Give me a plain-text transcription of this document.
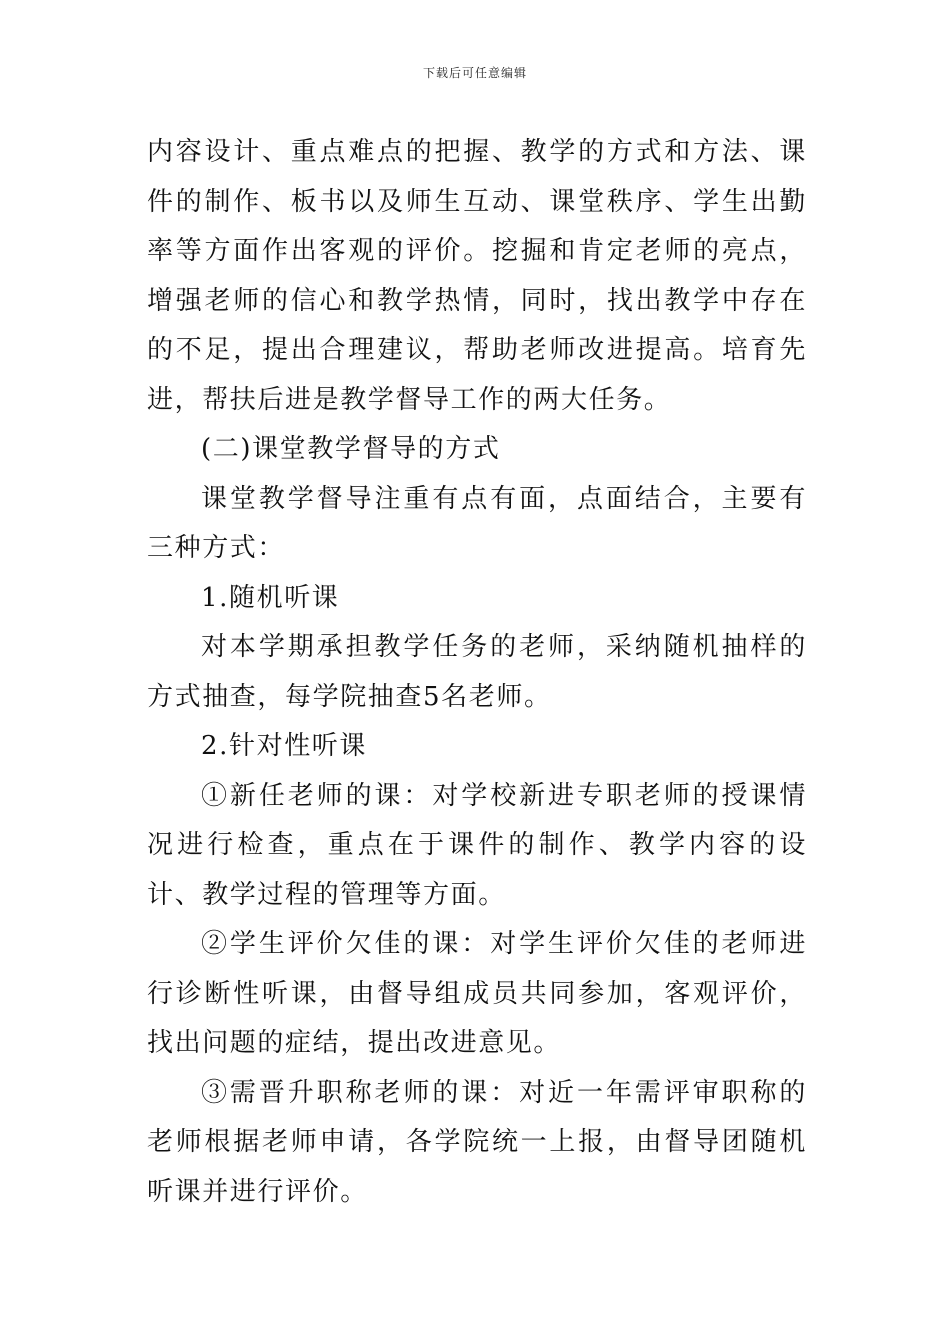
下载后可任意编辑

内容设计、重点难点的把握、教学的方式和方法、课件的制作、板书以及师生互动、课堂秩序、学生出勤率等方面作出客观的评价。挖掘和肯定老师的亮点，增强老师的信心和教学热情，同时，找出教学中存在的不足，提出合理建议，帮助老师改进提高。培育先进，帮扶后进是教学督导工作的两大任务。

(二)课堂教学督导的方式

课堂教学督导注重有点有面，点面结合，主要有三种方式：

1.随机听课

对本学期承担教学任务的老师，采纳随机抽样的方式抽查，每学院抽查5名老师。

2.针对性听课

①新任老师的课：对学校新进专职老师的授课情况进行检查，重点在于课件的制作、教学内容的设计、教学过程的管理等方面。

②学生评价欠佳的课：对学生评价欠佳的老师进行诊断性听课，由督导组成员共同参加，客观评价，找出问题的症结，提出改进意见。

③需晋升职称老师的课：对近一年需评审职称的老师根据老师申请，各学院统一上报，由督导团随机听课并进行评价。
